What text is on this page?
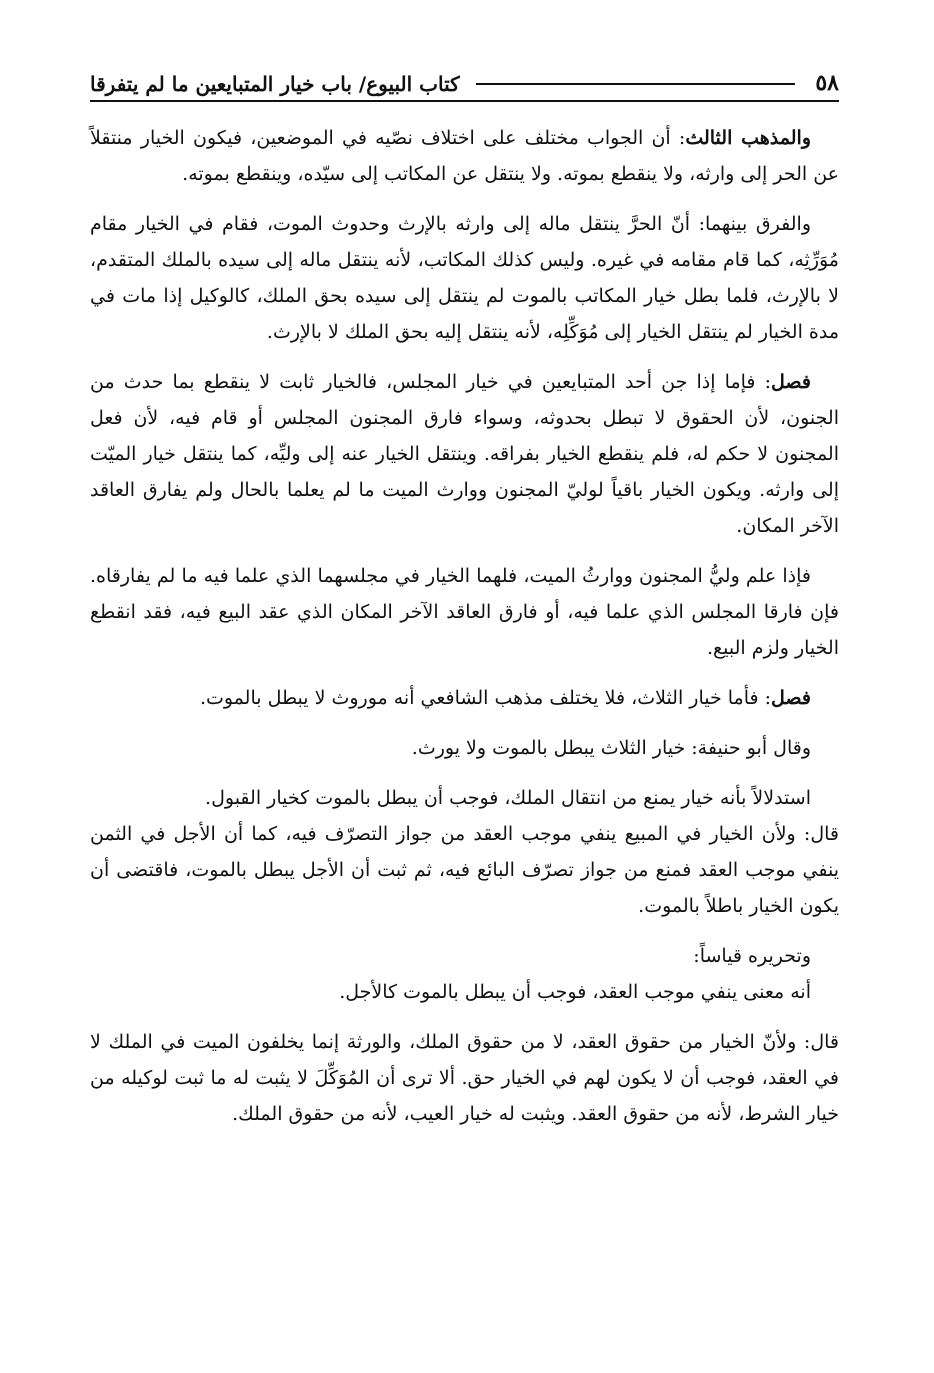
٥٨
كتاب البيوع/ باب خيار المتبايعين ما لم يتفرقا

والمذهب الثالث: أن الجواب مختلف على اختلاف نصّيه في الموضعين، فيكون الخيار منتقلاً عن الحر إلى وارثه، ولا ينقطع بموته. ولا ينتقل عن المكاتب إلى سيّده، وينقطع بموته.

والفرق بينهما: أنّ الحرَّ ينتقل ماله إلى وارثه بالإرث وحدوث الموت، فقام في الخيار مقام مُوَرِّثِه، كما قام مقامه في غيره. وليس كذلك المكاتب، لأنه ينتقل ماله إلى سيده بالملك المتقدم، لا بالإرث، فلما بطل خيار المكاتب بالموت لم ينتقل إلى سيده بحق الملك، كالوكيل إذا مات في مدة الخيار لم ينتقل الخيار إلى مُوَكِّلِه، لأنه ينتقل إليه بحق الملك لا بالإرث.

فصل: فإما إذا جن أحد المتبايعين في خيار المجلس، فالخيار ثابت لا ينقطع بما حدث من الجنون، لأن الحقوق لا تبطل بحدوثه، وسواء فارق المجنون المجلس أو قام فيه، لأن فعل المجنون لا حكم له، فلم ينقطع الخيار بفراقه. وينتقل الخيار عنه إلى وليِّه، كما ينتقل خيار الميّت إلى وارثه. ويكون الخيار باقياً لوليّ المجنون ووارث الميت ما لم يعلما بالحال ولم يفارق العاقد الآخر المكان.

فإذا علم وليُّ المجنون ووارثُ الميت، فلهما الخيار في مجلسهما الذي علما فيه ما لم يفارقاه. فإن فارقا المجلس الذي علما فيه، أو فارق العاقد الآخر المكان الذي عقد البيع فيه، فقد انقطع الخيار ولزم البيع.

فصل: فأما خيار الثلاث، فلا يختلف مذهب الشافعي أنه موروث لا يبطل بالموت.

وقال أبو حنيفة: خيار الثلاث يبطل بالموت ولا يورث.

استدلالاً بأنه خيار يمنع من انتقال الملك، فوجب أن يبطل بالموت كخيار القبول.

قال: ولأن الخيار في المبيع ينفي موجب العقد من جواز التصرّف فيه، كما أن الأجل في الثمن ينفي موجب العقد فمنع من جواز تصرّف البائع فيه، ثم ثبت أن الأجل يبطل بالموت، فاقتضى أن يكون الخيار باطلاً بالموت.

وتحريره قياساً:

أنه معنى ينفي موجب العقد، فوجب أن يبطل بالموت كالأجل.

قال: ولأنّ الخيار من حقوق العقد، لا من حقوق الملك، والورثة إنما يخلفون الميت في الملك لا في العقد، فوجب أن لا يكون لهم في الخيار حق. ألا ترى أن المُوَكِّلَ لا يثبت له ما ثبت لوكيله من خيار الشرط، لأنه من حقوق العقد. ويثبت له خيار العيب، لأنه من حقوق الملك.
